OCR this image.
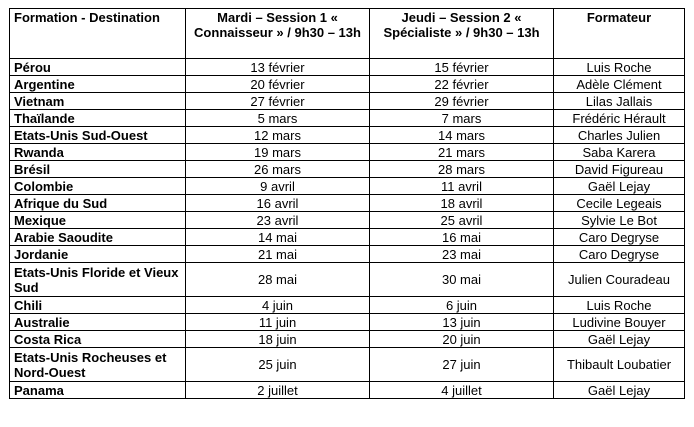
Formation - Destination	Mardi – Session 1 « Connaisseur » / 9h30 – 13h	Jeudi – Session 2 « Spécialiste » / 9h30 – 13h	Formateur
Pérou	13 février	15 février	Luis Roche
Argentine	20 février	22 février	Adèle Clément
Vietnam	27 février	29 février	Lilas Jallais
Thaïlande	5 mars	7 mars	Frédéric Hérault
Etats-Unis Sud-Ouest	12 mars	14 mars	Charles Julien
Rwanda	19 mars	21 mars	Saba Karera
Brésil	26 mars	28 mars	David Figureau
Colombie	9 avril	11 avril	Gaël Lejay
Afrique du Sud	16 avril	18 avril	Cecile Legeais
Mexique	23 avril	25 avril	Sylvie Le Bot
Arabie Saoudite	14 mai	16 mai	Caro Degryse
Jordanie	21 mai	23 mai	Caro Degryse
Etats-Unis Floride et Vieux Sud	28 mai	30 mai	Julien Couradeau
Chili	4 juin	6 juin	Luis Roche
Australie	11 juin	13 juin	Ludivine Bouyer
Costa Rica	18 juin	20 juin	Gaël Lejay
Etats-Unis Rocheuses et Nord-Ouest	25 juin	27 juin	Thibault Loubatier
Panama	2 juillet	4 juillet	Gaël Lejay
